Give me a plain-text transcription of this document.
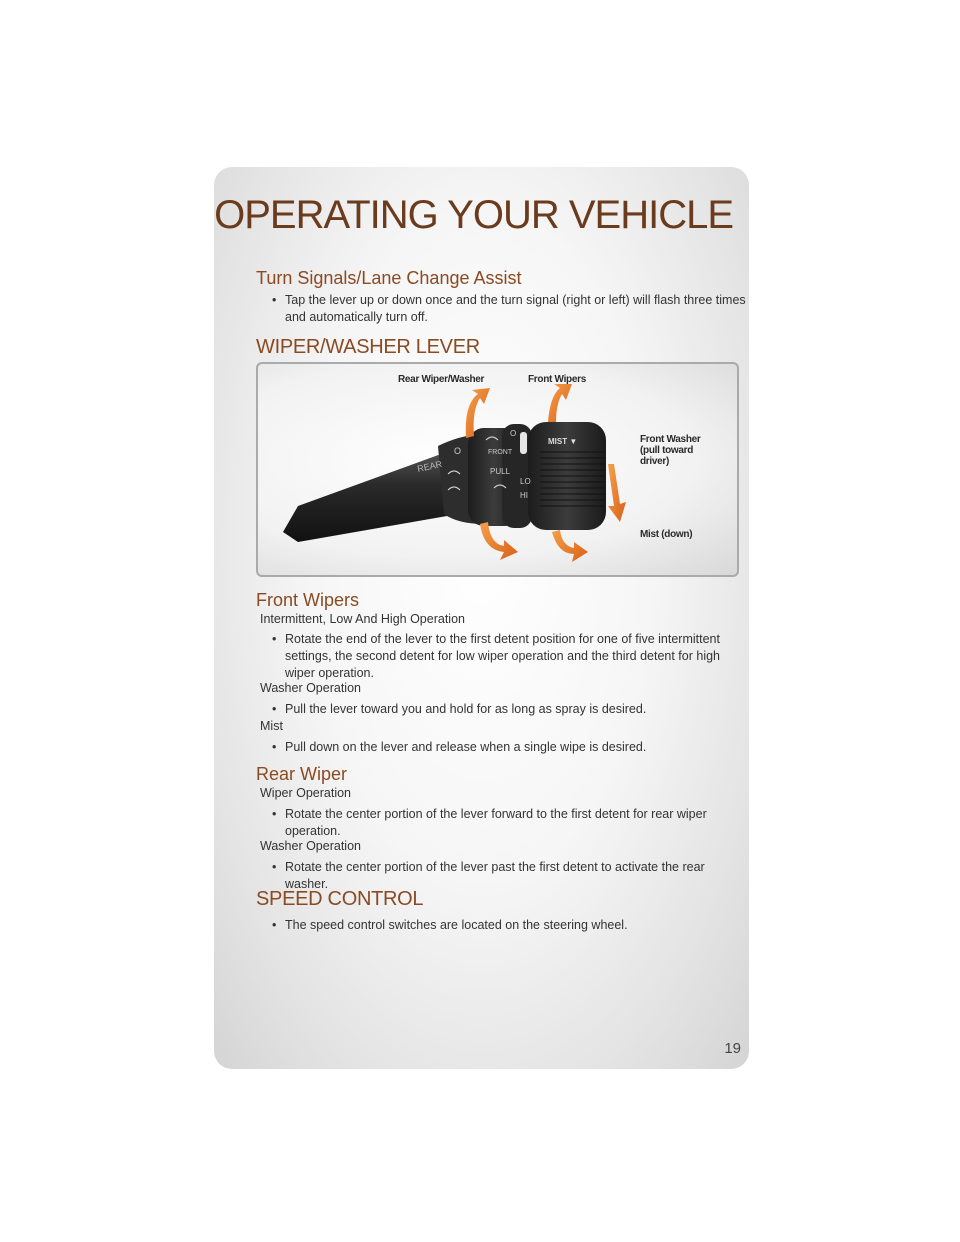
OPERATING YOUR VEHICLE
Turn Signals/Lane Change Assist
• Tap the lever up or down once and the turn signal (right or left) will flash three times
and automatically turn off.
WIPER/WASHER LEVER
REAR
O	FRONT
PULL
LO
HI
MIST ▼
O
Rear Wiper/Washer	Front Wipers
Front Washer
(pull toward
driver)
Mist (down)
Front Wipers
Intermittent, Low And High Operation
• Rotate the end of the lever to the first detent position for one of five intermittent
settings, the second detent for low wiper operation and the third detent for high
wiper operation.
Washer Operation
• Pull the lever toward you and hold for as long as spray is desired.
Mist
• Pull down on the lever and release when a single wipe is desired.
Rear Wiper
Wiper Operation
• Rotate the center portion of the lever forward to the first detent for rear wiper
operation.
Washer Operation
• Rotate the center portion of the lever past the first detent to activate the rear washer.
SPEED CONTROL
• The speed control switches are located on the steering wheel.
19
